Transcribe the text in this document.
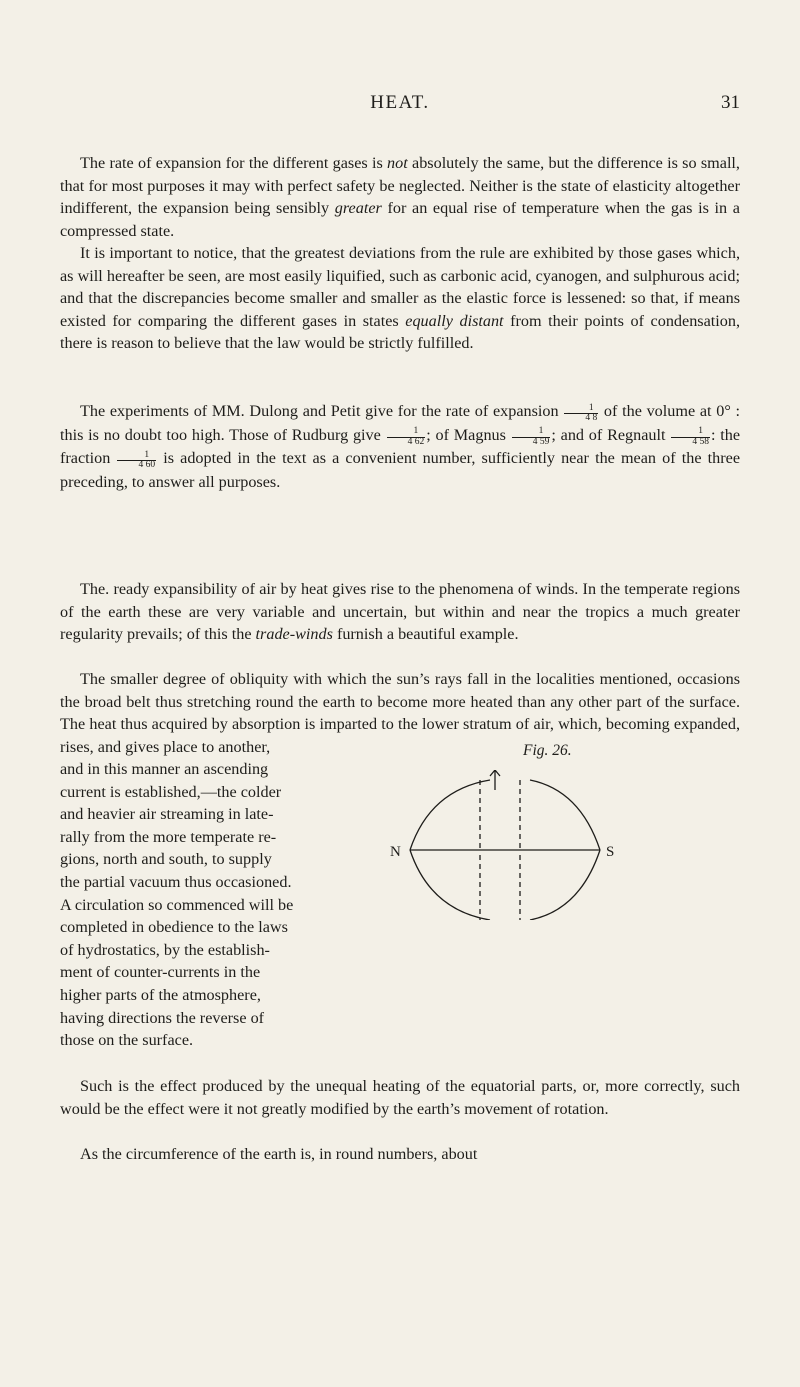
HEAT.	31

The rate of expansion for the different gases is not absolutely the same, but the difference is so small, that for most purposes it may with perfect safety be neglected. Neither is the state of elasticity altogether indifferent, the expansion being sensibly greater for an equal rise of temperature when the gas is in a compressed state.

It is important to notice, that the greatest deviations from the rule are exhibited by those gases which, as will hereafter be seen, are most easily liquified, such as carbonic acid, cyanogen, and sulphurous acid; and that the discrepancies become smaller and smaller as the elastic force is lessened: so that, if means existed for comparing the different gases in states equally distant from their points of condensation, there is reason to believe that the law would be strictly fulfilled.

The experiments of MM. Dulong and Petit give for the rate of expansion $\frac{1}{4 8}$ of the volume at 0° : this is no doubt too high. Those of Rudburg give $\frac{1}{4 62}$ ; of Magnus $\frac{1}{4 59}$ ; and of Regnault $\frac{1}{4 58}$ : the fraction $\frac{1}{4 60}$ is adopted in the text as a convenient number, sufficiently near the mean of the three preceding, to answer all purposes.

The. ready expansibility of air by heat gives rise to the phenomena of winds. In the temperate regions of the earth these are very variable and uncertain, but within and near the tropics a much greater regularity prevails; of this the trade-winds furnish a beautiful example.

The smaller degree of obliquity with which the sun’s rays fall in the localities mentioned, occasions the broad belt thus stretching round the earth to become more heated than any other part of the surface. The heat thus acquired by absorption is imparted to the lower stratum of air, which, becoming expanded, rises, and gives place to another,

and in this manner an ascending
current is established,—the colder
and heavier air streaming in late-
rally from the more temperate re-
gions, north and south, to supply
the partial vacuum thus occasioned.
A circulation so commenced will be
completed in obedience to the laws
of hydrostatics, by the establish-
ment of counter-currents in the
higher parts of the atmosphere,
having directions the reverse of
those on the surface.
Fig. 26.
N	S

Such is the effect produced by the unequal heating of the equatorial parts, or, more correctly, such would be the effect were it not greatly modified by the earth’s movement of rotation.

As the circumference of the earth is, in round numbers, about
